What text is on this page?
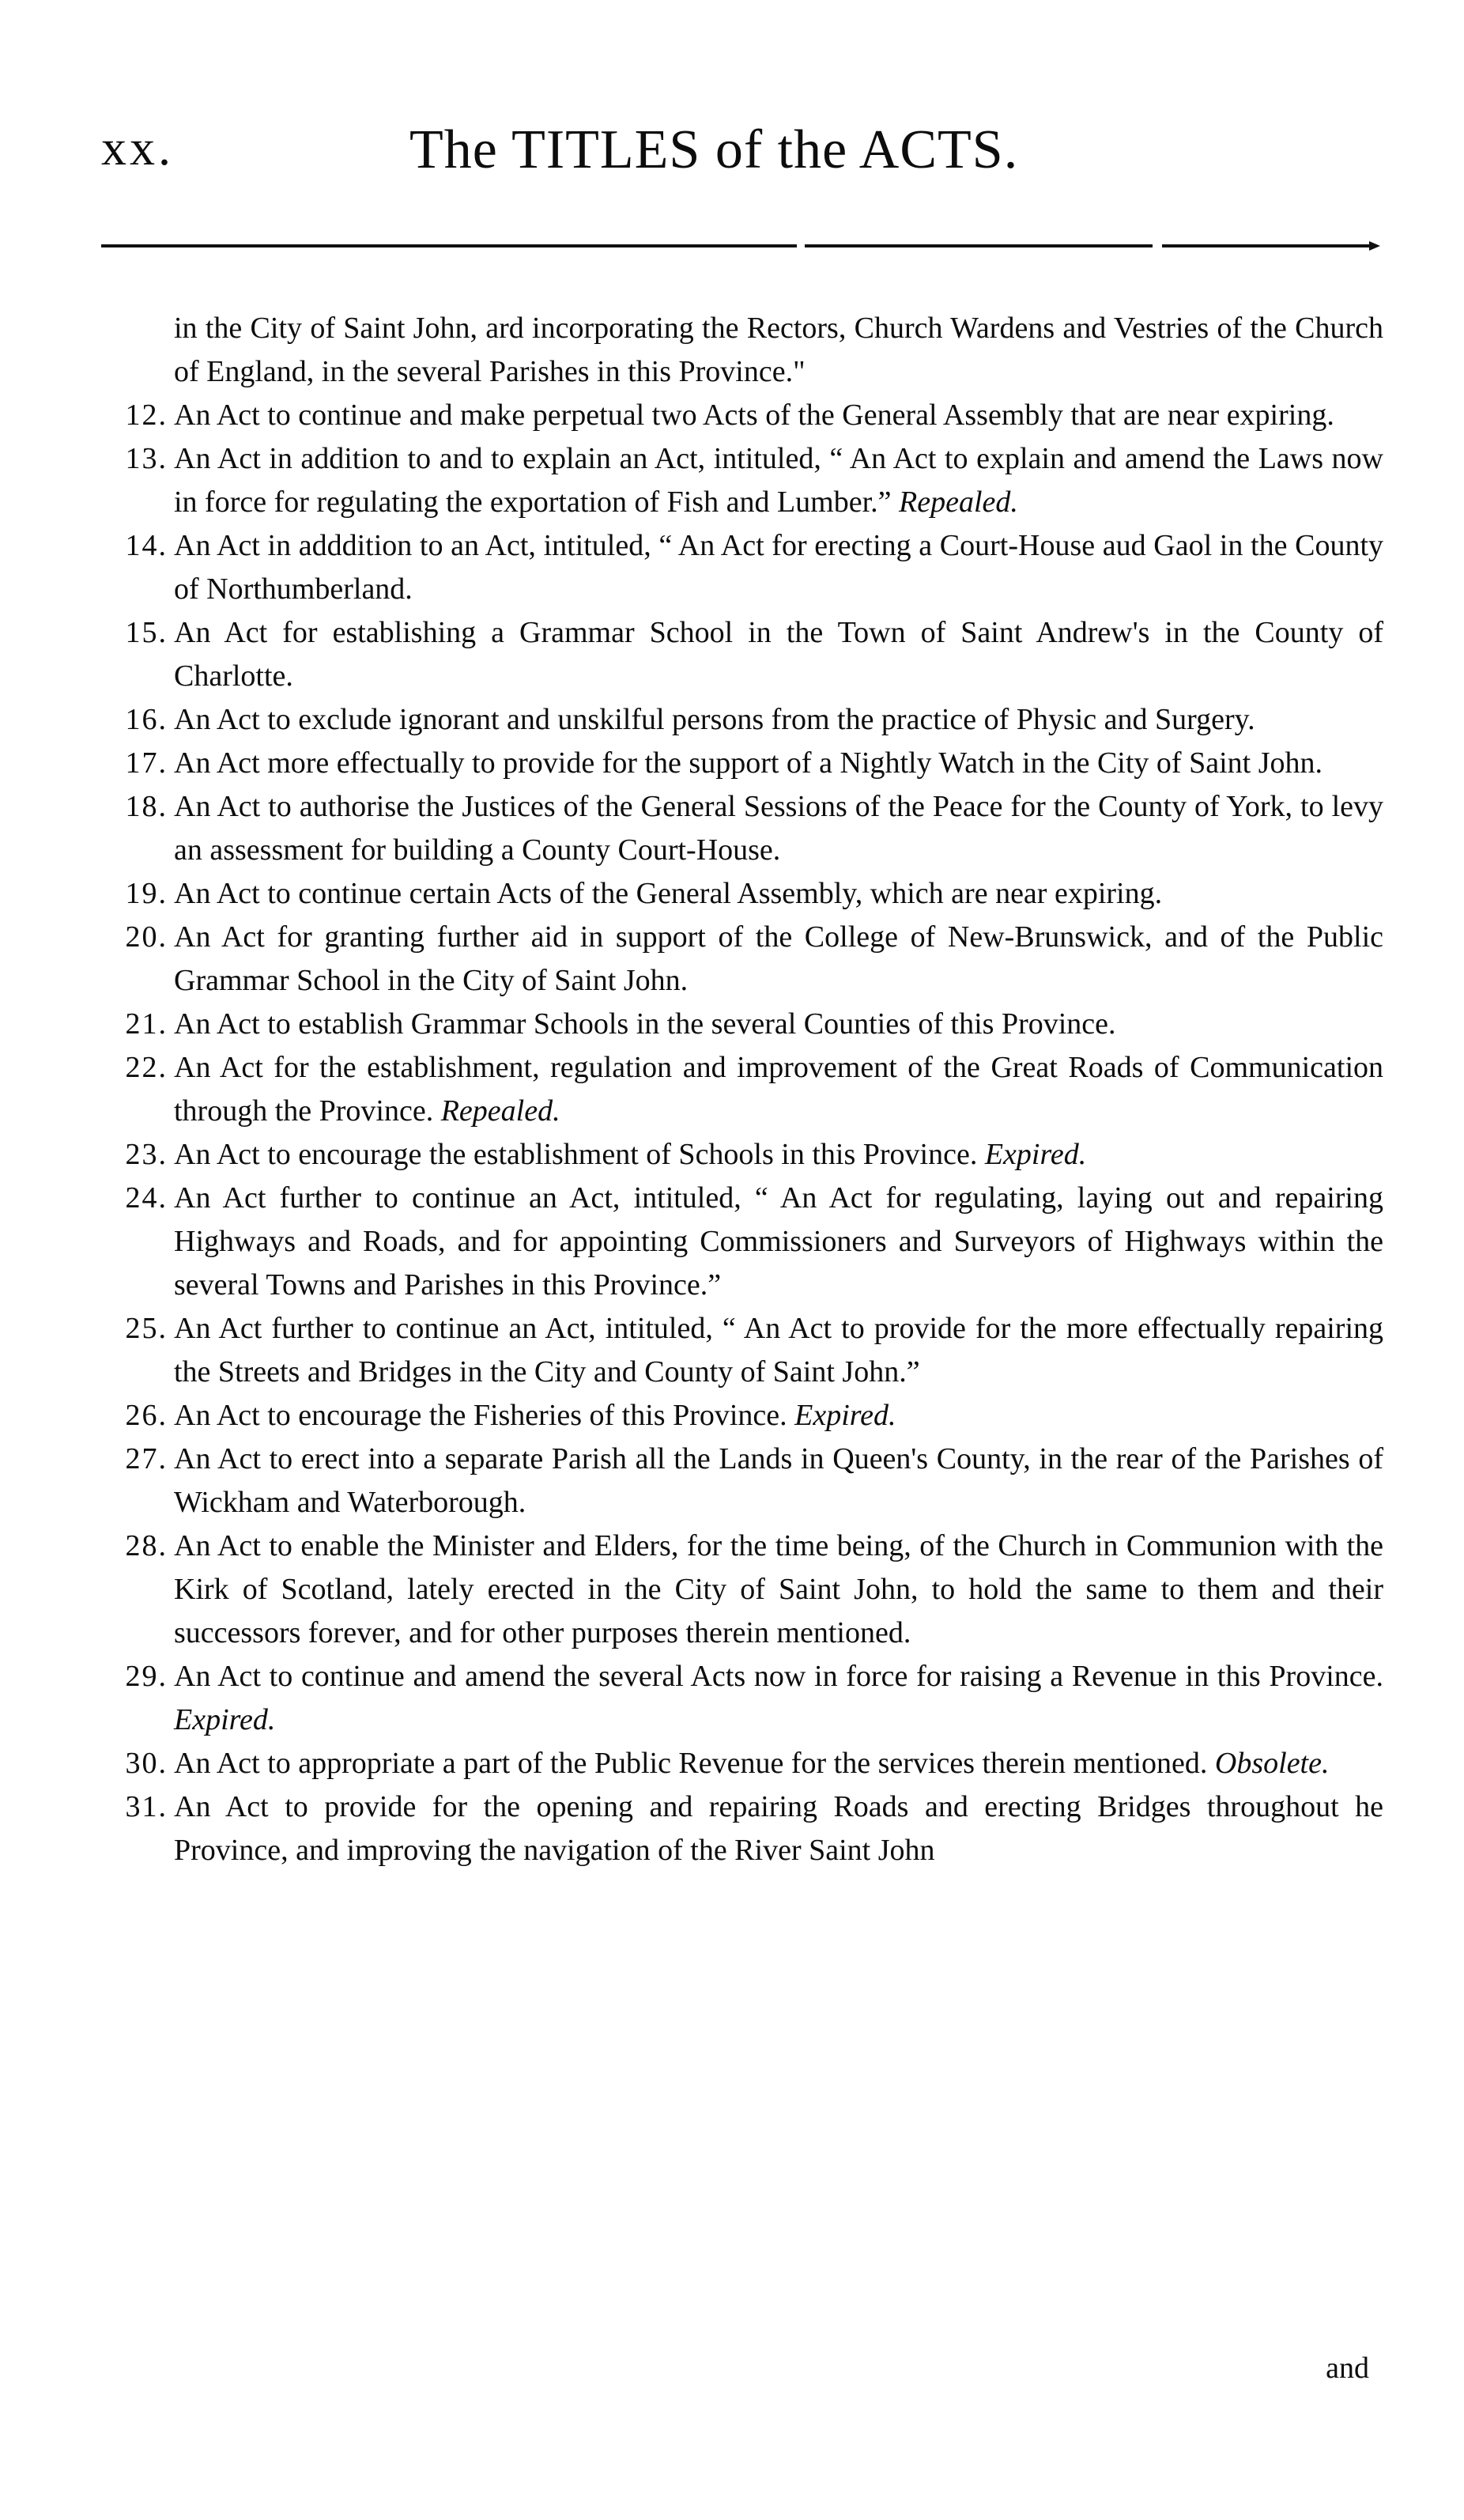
xx.	The TITLES of the ACTS.
in the City of Saint John, ard incorporating the Rectors, Church Wardens and Vestries of the Church of England, in the several Parishes in this Province."
12. An Act to continue and make perpetual two Acts of the General Assembly that are near expiring.
13. An Act in addition to and to explain an Act, intituled, “ An Act to explain and amend the Laws now in force for regulating the exportation of Fish and Lumber.” Repealed.
14. An Act in adddition to an Act, intituled, “ An Act for erecting a Court-House aud Gaol in the County of Northumberland.
15. An Act for establishing a Grammar School in the Town of Saint Andrew's in the County of Charlotte.
16. An Act to exclude ignorant and unskilful persons from the practice of Physic and Surgery.
17. An Act more effectually to provide for the support of a Nightly Watch in the City of Saint John.
18. An Act to authorise the Justices of the General Sessions of the Peace for the County of York, to levy an assessment for building a County Court-House.
19. An Act to continue certain Acts of the General Assembly, which are near expiring.
20. An Act for granting further aid in support of the College of New-Brunswick, and of the Public Grammar School in the City of Saint John.
21. An Act to establish Grammar Schools in the several Counties of this Province.
22. An Act for the establishment, regulation and improvement of the Great Roads of Communication through the Province. Repealed.
23. An Act to encourage the establishment of Schools in this Province. Expired.
24. An Act further to continue an Act, intituled, “ An Act for regulating, laying out and repairing Highways and Roads, and for appointing Commissioners and Surveyors of Highways within the several Towns and Parishes in this Province.”
25. An Act further to continue an Act, intituled, “ An Act to provide for the more effectually repairing the Streets and Bridges in the City and County of Saint John.”
26. An Act to encourage the Fisheries of this Province. Expired.
27. An Act to erect into a separate Parish all the Lands in Queen's County, in the rear of the Parishes of Wickham and Waterborough.
28. An Act to enable the Minister and Elders, for the time being, of the Church in Communion with the Kirk of Scotland, lately erected in the City of Saint John, to hold the same to them and their successors forever, and for other purposes therein mentioned.
29. An Act to continue and amend the several Acts now in force for raising a Revenue in this Province. Expired.
30. An Act to appropriate a part of the Public Revenue for the services therein mentioned. Obsolete.
31. An Act to provide for the opening and repairing Roads and erecting Bridges throughout he Province, and improving the navigation of the River Saint John
and
